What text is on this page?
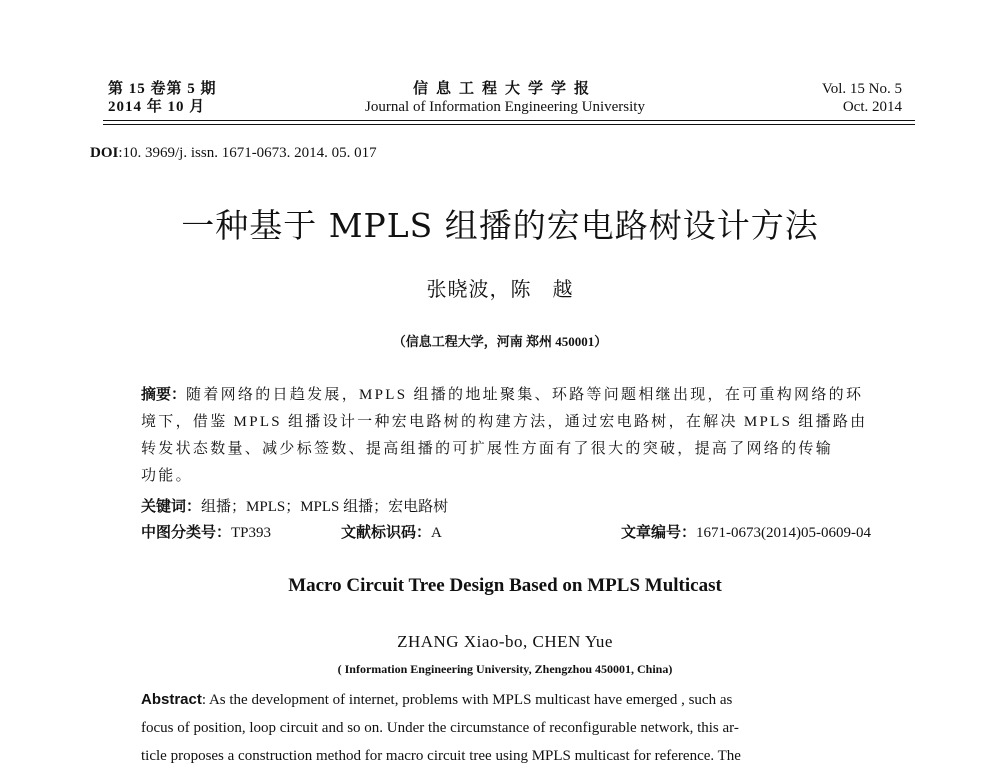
第 15 卷第 5 期
2014 年 10 月
信息工程大学学报
Journal of Information Engineering University
Vol. 15 No. 5
Oct. 2014
DOI:10. 3969/j. issn. 1671-0673. 2014. 05. 017
一种基于 MPLS 组播的宏电路树设计方法
张晓波，陈　越
（信息工程大学，河南 郑州 450001）
摘要：随着网络的日趋发展，MPLS 组播的地址聚集、环路等问题相继出现，在可重构网络的环
境下，借鉴 MPLS 组播设计一种宏电路树的构建方法，通过宏电路树，在解决 MPLS 组播路由
转发状态数量、减少标签数、提高组播的可扩展性方面有了很大的突破，提高了网络的传输
功能。
关键词：组播；MPLS；MPLS 组播；宏电路树
中图分类号：TP393	文献标识码：A	文章编号：1671-0673(2014)05-0609-04
Macro Circuit Tree Design Based on MPLS Multicast
ZHANG Xiao-bo, CHEN Yue
( Information Engineering University, Zhengzhou 450001, China)
Abstract: As the development of internet, problems with MPLS multicast have emerged , such as
focus of position, loop circuit and so on. Under the circumstance of reconfigurable network, this ar-
ticle proposes a construction method for macro circuit tree using MPLS multicast for reference. The
